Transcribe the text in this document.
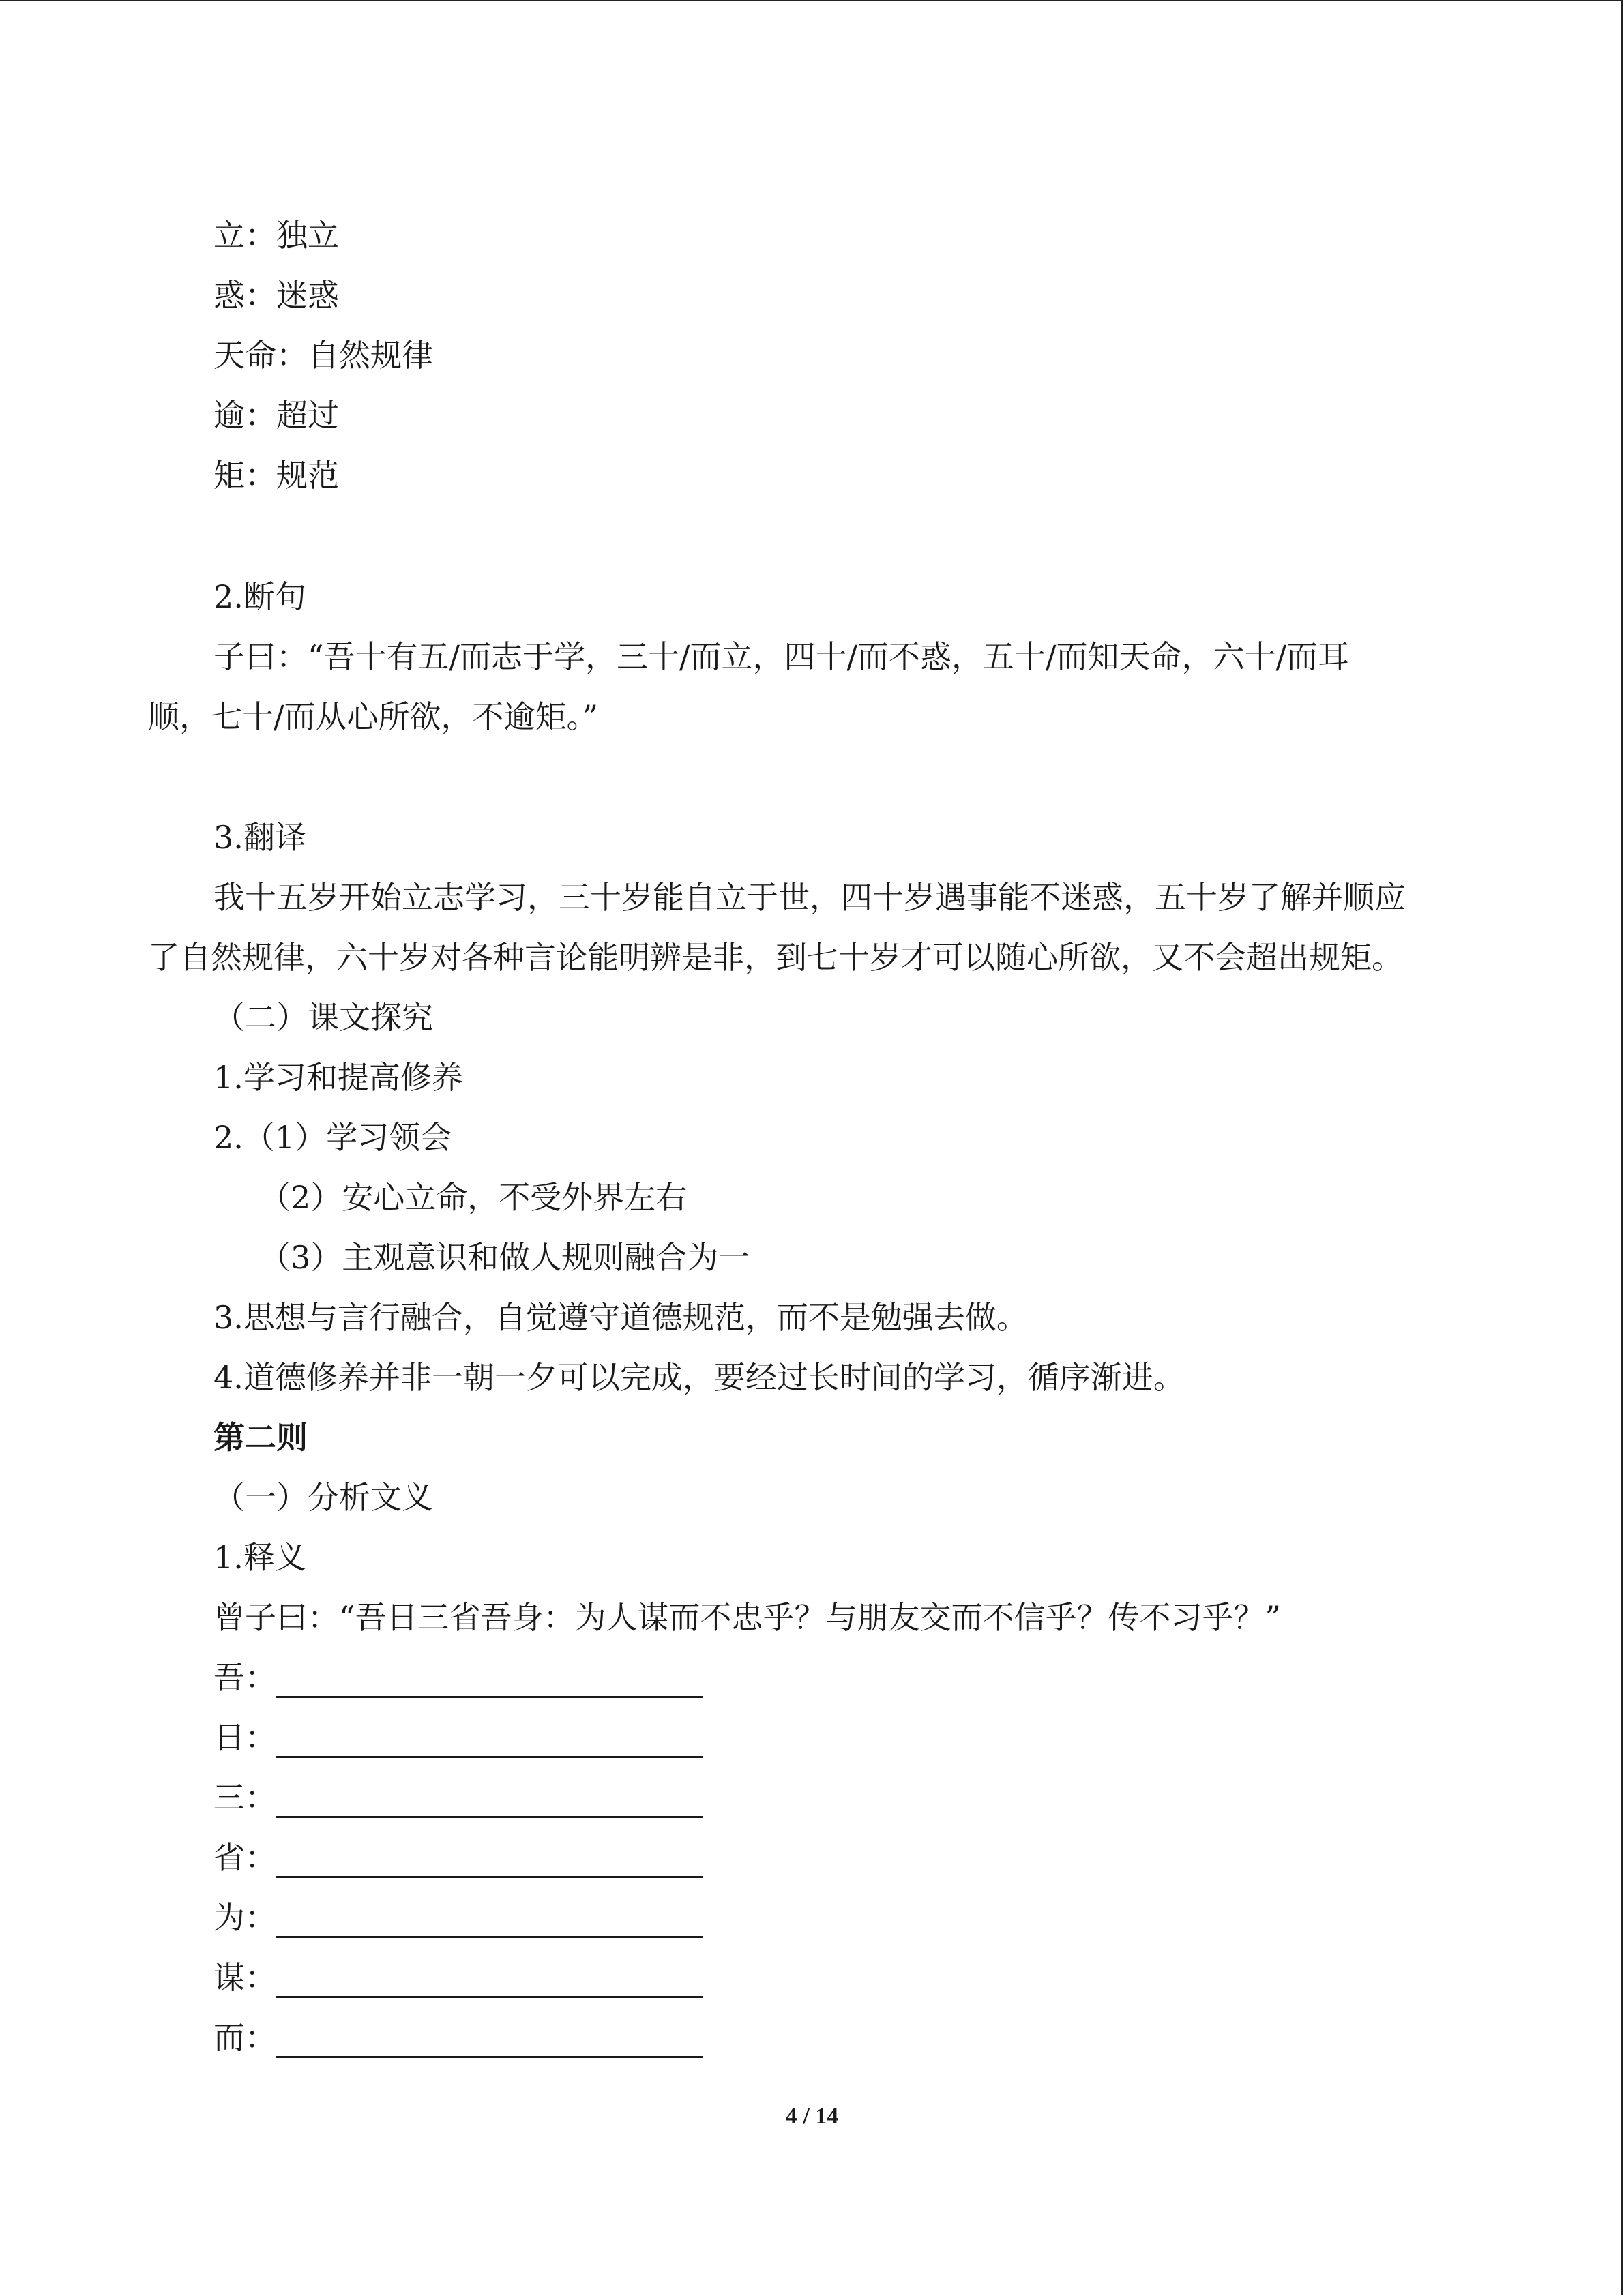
立：独立
惑：迷惑
天命：自然规律
逾：超过
矩：规范
2.断句
子曰：“吾十有五/而志于学，三十/而立，四十/而不惑，五十/而知天命，六十/而耳
顺，七十/而从心所欲，不逾矩。”
3.翻译
我十五岁开始立志学习，三十岁能自立于世，四十岁遇事能不迷惑，五十岁了解并顺应
了自然规律，六十岁对各种言论能明辨是非，到七十岁才可以随心所欲，又不会超出规矩。
（二）课文探究
1.学习和提高修养
2.（1）学习领会
（2）安心立命，不受外界左右
（3）主观意识和做人规则融合为一
3.思想与言行融合，自觉遵守道德规范，而不是勉强去做。
4.道德修养并非一朝一夕可以完成，要经过长时间的学习，循序渐进。
第二则
（一）分析文义
1.释义
曾子曰：“吾日三省吾身：为人谋而不忠乎？与朋友交而不信乎？传不习乎？”
吾：
日：
三：
省：
为：
谋：
而：
4 / 14
